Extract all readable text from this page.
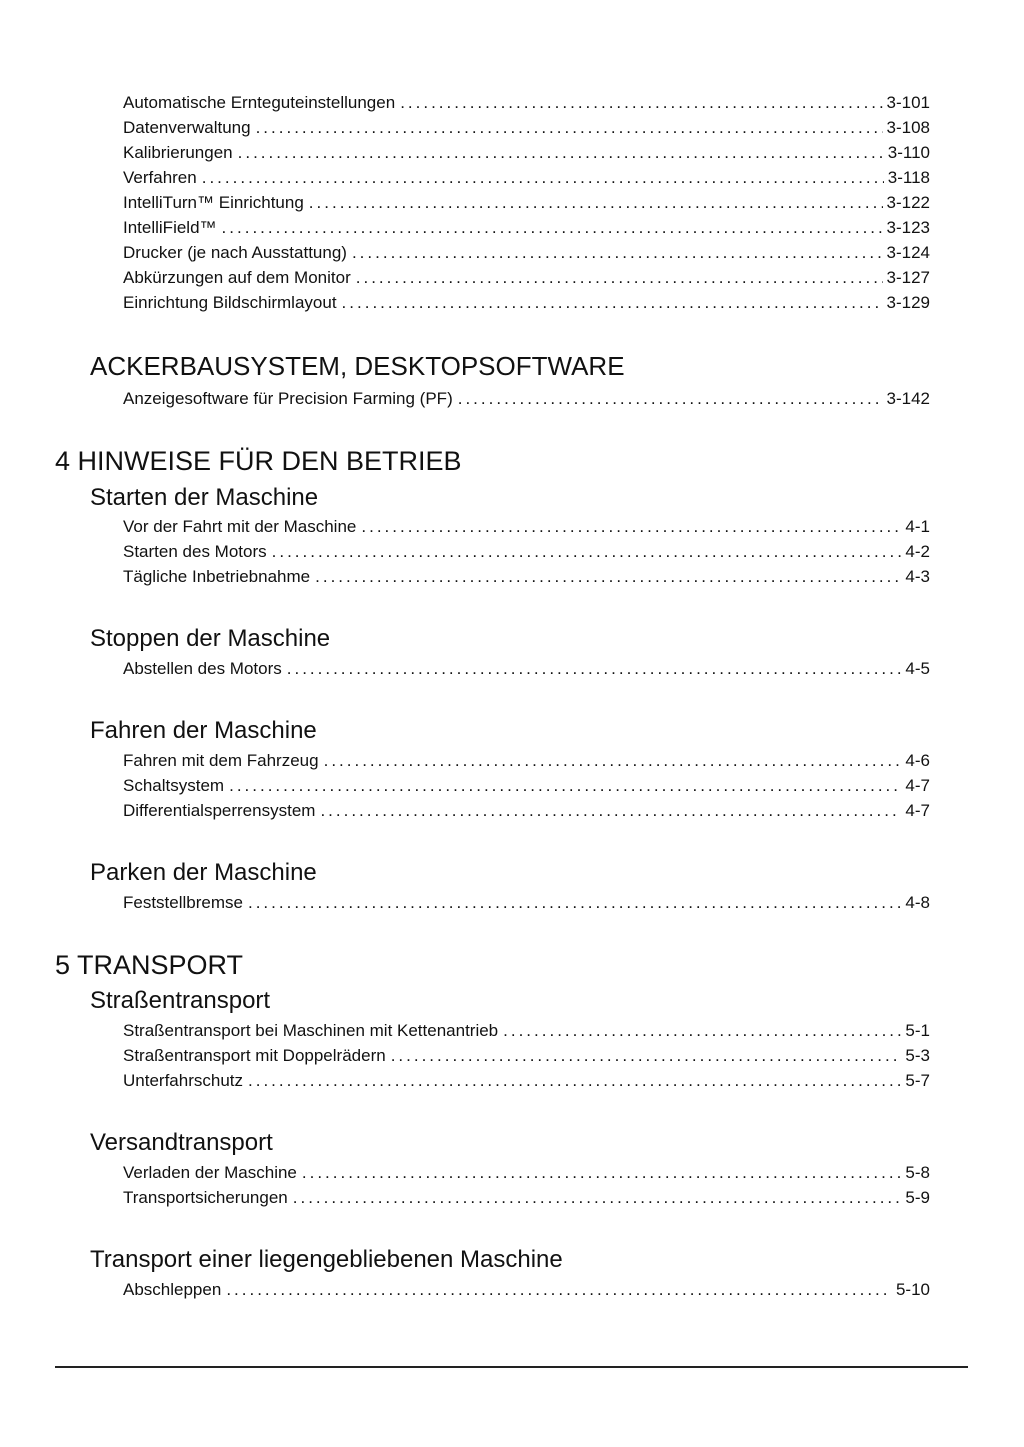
Automatische Ernteguteinstellungen .....	3-101
Datenverwaltung .....	3-108
Kalibrierungen .....	3-110
Verfahren .....	3-118
IntelliTurn™ Einrichtung .....	3-122
IntelliField™ .....	3-123
Drucker (je nach Ausstattung) .....	3-124
Abkürzungen auf dem Monitor .....	3-127
Einrichtung Bildschirmlayout .....	3-129
ACKERBAUSYSTEM, DESKTOPSOFTWARE
Anzeigesoftware für Precision Farming (PF) .....	3-142
4 HINWEISE FÜR DEN BETRIEB
Starten der Maschine
Vor der Fahrt mit der Maschine .....	4-1
Starten des Motors .....	4-2
Tägliche Inbetriebnahme .....	4-3
Stoppen der Maschine
Abstellen des Motors .....	4-5
Fahren der Maschine
Fahren mit dem Fahrzeug .....	4-6
Schaltsystem .....	4-7
Differentialsperrensystem .....	4-7
Parken der Maschine
Feststellbremse .....	4-8
5 TRANSPORT
Straßentransport
Straßentransport bei Maschinen mit Kettenantrieb .....	5-1
Straßentransport mit Doppelrädern .....	5-3
Unterfahrschutz .....	5-7
Versandtransport
Verladen der Maschine .....	5-8
Transportsicherungen .....	5-9
Transport einer liegengebliebenen Maschine
Abschleppen .....	5-10
